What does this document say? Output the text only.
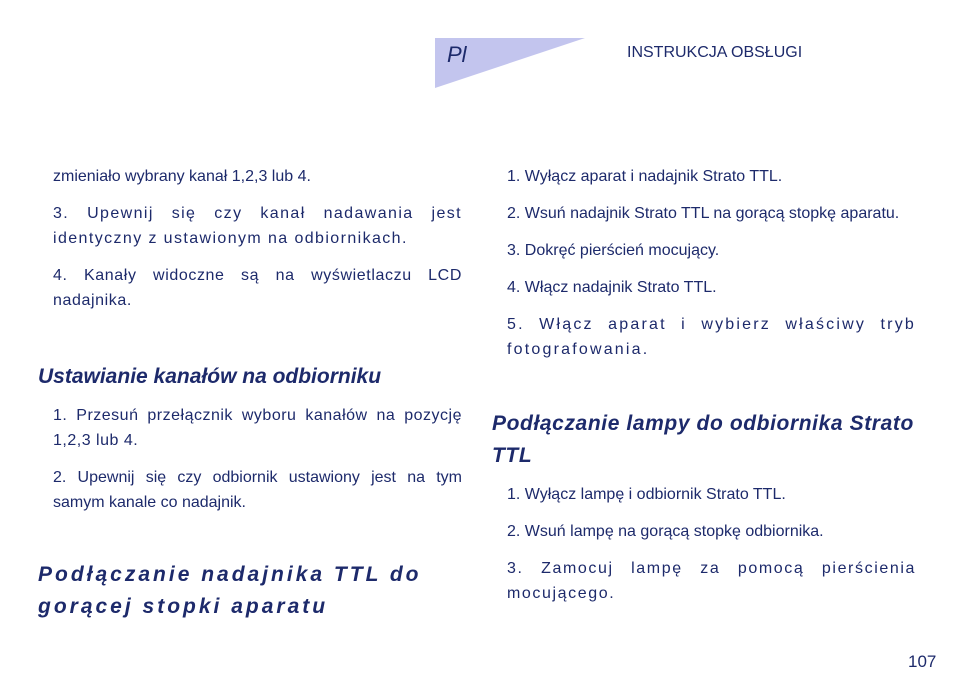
Pl	INSTRUKCJA OBSŁUGI

zmieniało wybrany kanał 1,2,3 lub 4.

3. Upewnij się czy kanał nadawania jest identyczny z ustawionym na odbiornikach.

4. Kanały widoczne są na wyświetlaczu LCD nadajnika.

Ustawianie kanałów na odbiorniku

1. Przesuń przełącznik wyboru kanałów na pozycję 1,2,3 lub 4.

2. Upewnij się czy odbiornik ustawiony jest na tym samym kanale co nadajnik.

Podłączanie nadajnika TTL do gorącej stopki aparatu

1. Wyłącz aparat i nadajnik Strato TTL.

2. Wsuń nadajnik Strato TTL na gorącą stopkę aparatu.

3. Dokręć pierścień mocujący.

4. Włącz nadajnik Strato TTL.

5. Włącz aparat i wybierz właściwy tryb fotografowania.

Podłączanie lampy do odbiornika Strato TTL

1. Wyłącz lampę i odbiornik Strato TTL.

2. Wsuń lampę na gorącą stopkę odbiornika.

3. Zamocuj lampę za pomocą pierścienia mocującego.

107
